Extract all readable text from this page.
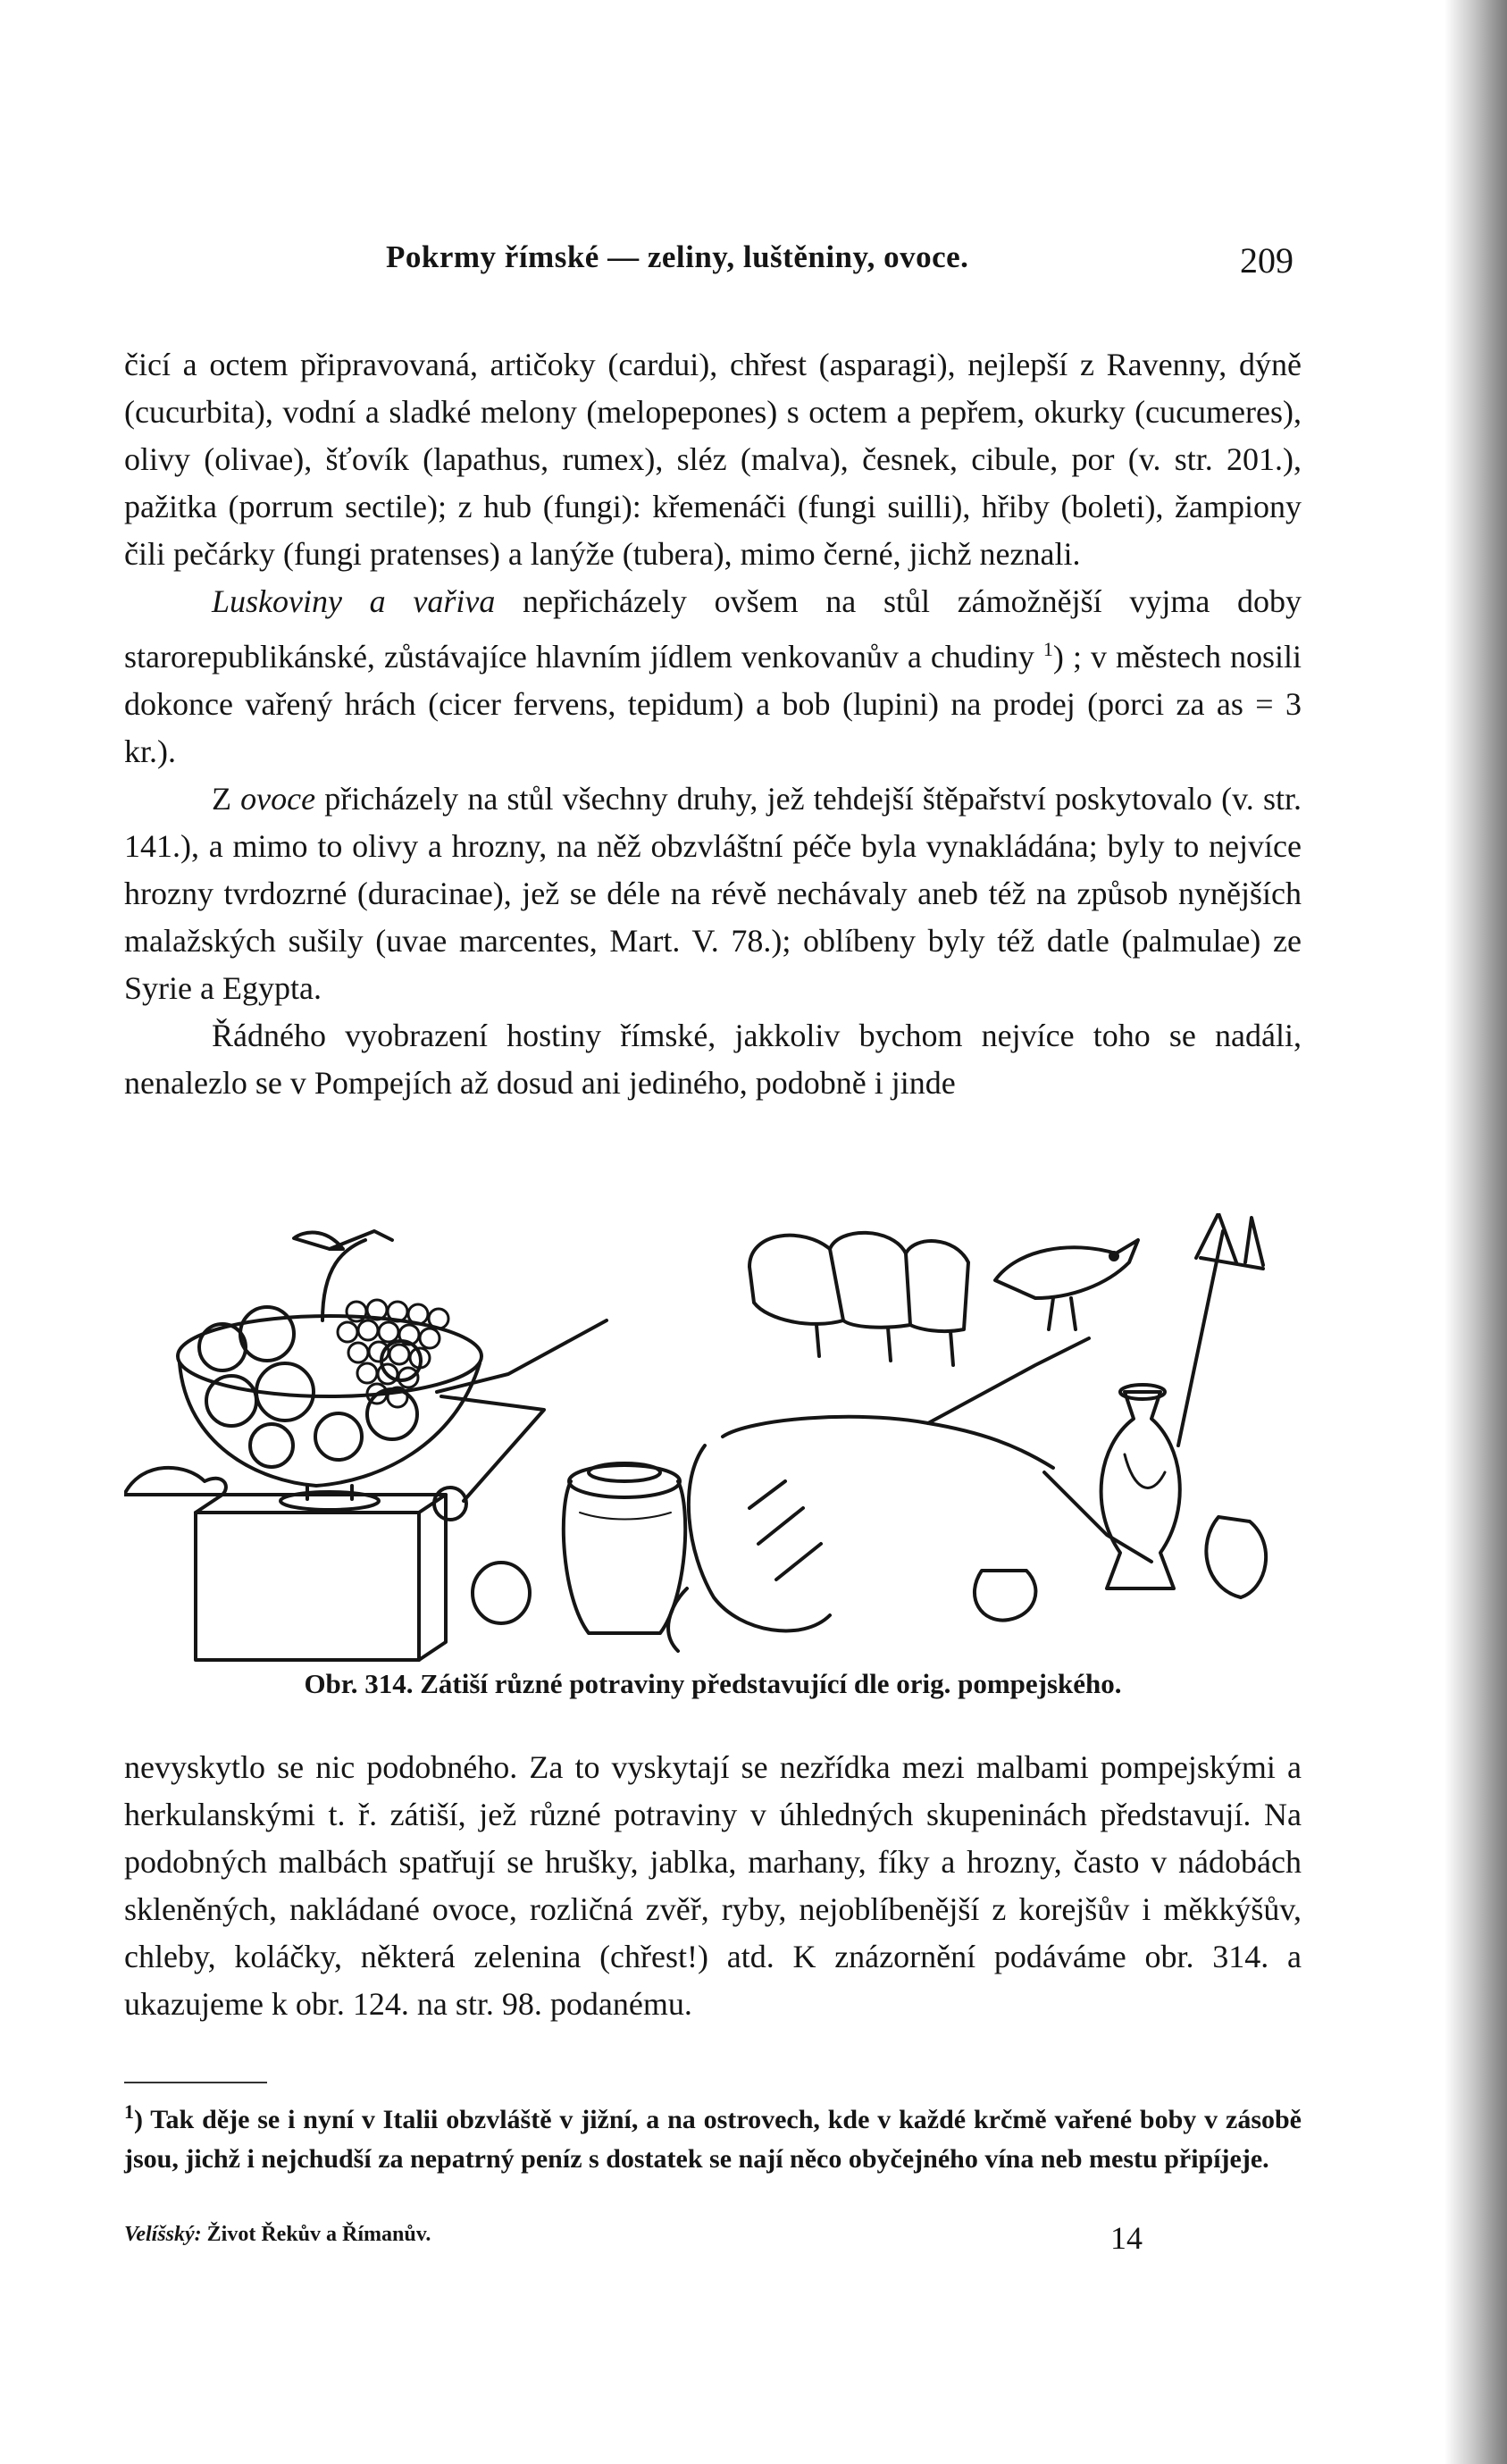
Pokrmy římské — zeliny, luštěniny, ovoce.	209

čicí a octem připravovaná, artičoky (cardui), chřest (asparagi), nejlepší z Ravenny, dýně (cucurbita), vodní a sladké melony (melopepones) s octem a pepřem, okurky (cucumeres), olivy (olivae), šťovík (lapathus, rumex), sléz (malva), česnek, cibule, por (v. str. 201.), pažitka (porrum sectile); z hub (fungi): křemenáči (fungi suilli), hřiby (boleti), žampiony čili pečárky (fungi pratenses) a lanýže (tubera), mimo černé, jichž neznali.

Luskoviny a vařiva nepřicházely ovšem na stůl zámožnější vyjma doby starorepublikánské, zůstávajíce hlavním jídlem venkovanův a chudiny $^1$) ; v městech nosili dokonce vařený hrách (cicer fervens, tepidum) a bob (lupini) na prodej (porci za as = 3 kr.).

Z ovoce přicházely na stůl všechny druhy, jež tehdejší štěpařství poskytovalo (v. str. 141.), a mimo to olivy a hrozny, na něž obzvláštní péče byla vynakládána; byly to nejvíce hrozny tvrdozrné (duracinae), jež se déle na révě nechávaly aneb též na způsob nynějších malažských sušily (uvae marcentes, Mart. V. 78.); oblíbeny byly též datle (palmulae) ze Syrie a Egypta.

Řádného vyobrazení hostiny římské, jakkoliv bychom nejvíce toho se nadáli, nenalezlo se v Pompejích až dosud ani jediného, podobně i jinde

Obr. 314. Zátiší různé potraviny představující dle orig. pompejského.

nevyskytlo se nic podobného. Za to vyskytají se nezřídka mezi malbami pompejskými a herkulanskými t. ř. zátiší, jež různé potraviny v úhledných skupeninách představují. Na podobných malbách spatřují se hrušky, jablka, marhany, fíky a hrozny, často v nádobách skleněných, nakládané ovoce, rozličná zvěř, ryby, nejoblíbenější z korejšův i měkkýšův, chleby, koláčky, některá zelenina (chřest!) atd. K znázornění podáváme obr. 314. a ukazujeme k obr. 124. na str. 98. podanému.

$^1$) Tak děje se i nyní v Italii obzvláště v jižní, a na ostrovech, kde v každé krčmě vařené boby v zásobě jsou, jichž i nejchudší za nepatrný peníz s dostatek se nají něco obyčejného vína neb mestu připíjeje.
Velíšský: Život Řekův a Římanův.	14
